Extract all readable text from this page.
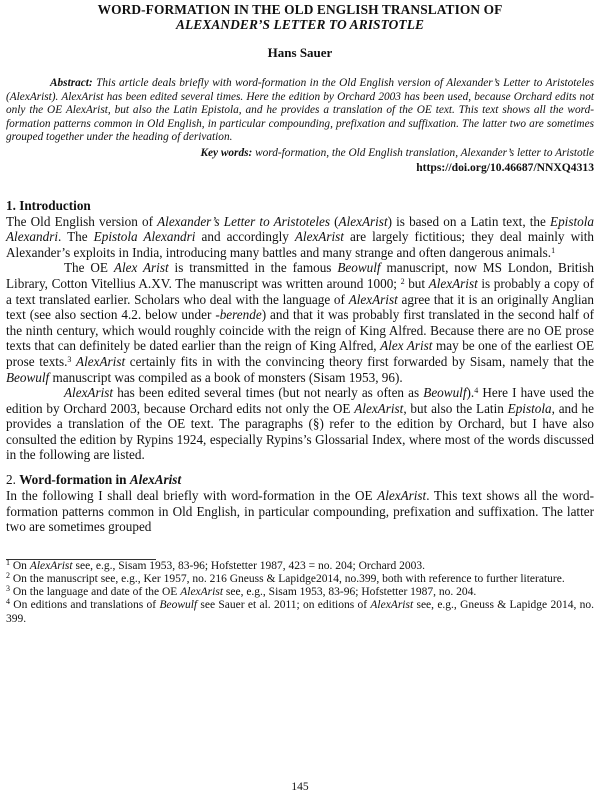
WORD-FORMATION IN THE OLD ENGLISH TRANSLATION OF
ALEXANDER’S LETTER TO ARISTOTLE
Hans Sauer
Abstract: This article deals briefly with word-formation in the Old English version of Alexander’s Letter to Aristoteles (AlexArist). AlexArist has been edited several times. Here the edition by Orchard 2003 has been used, because Orchard edits not only the OE AlexArist, but also the Latin Epistola, and he provides a translation of the OE text. This text shows all the word-formation patterns common in Old English, in particular compounding, prefixation and suffixation. The latter two are sometimes grouped together under the heading of derivation.
Key words: word-formation, the Old English translation, Alexander’s letter to Aristotle
https://doi.org/10.46687/NNXQ4313
1. Introduction

The Old English version of Alexander’s Letter to Aristoteles (AlexArist) is based on a Latin text, the Epistola Alexandri. The Epistola Alexandri and accordingly AlexArist are largely fictitious; they deal mainly with Alexander’s exploits in India, introducing many battles and many strange and often dangerous animals.$^1$

The OE Alex Arist is transmitted in the famous Beowulf manuscript, now MS London, British Library, Cotton Vitellius A.XV. The manuscript was written around 1000; $^2$ but AlexArist is probably a copy of a text translated earlier. Scholars who deal with the language of AlexArist agree that it is an originally Anglian text (see also section 4.2. below under -berende) and that it was probably first translated in the second half of the ninth century, which would roughly coincide with the reign of King Alfred. Because there are no OE prose texts that can definitely be dated earlier than the reign of King Alfred, Alex Arist may be one of the earliest OE prose texts.$^3$ AlexArist certainly fits in with the convincing theory first forwarded by Sisam, namely that the Beowulf manuscript was compiled as a book of monsters (Sisam 1953, 96).

AlexArist has been edited several times (but not nearly as often as Beowulf).$^4$ Here I have used the edition by Orchard 2003, because Orchard edits not only the OE AlexArist, but also the Latin Epistola, and he provides a translation of the OE text. The paragraphs (§) refer to the edition by Orchard, but I have also consulted the edition by Rypins 1924, especially Rypins’s Glossarial Index, where most of the words discussed in the following are listed.

2. Word-formation in AlexArist

In the following I shall deal briefly with word-formation in the OE AlexArist. This text shows all the word-formation patterns common in Old English, in particular compounding, prefixation and suffixation. The latter two are sometimes grouped

$^1$ On AlexArist see, e.g., Sisam 1953, 83-96; Hofstetter 1987, 423 = no. 204; Orchard 2003.

$^2$ On the manuscript see, e.g., Ker 1957, no. 216 Gneuss & Lapidge2014, no.399, both with reference to further literature.

$^3$ On the language and date of the OE AlexArist see, e.g., Sisam 1953, 83-96; Hofstetter 1987, no. 204.

$^4$ On editions and translations of Beowulf see Sauer et al. 2011; on editions of AlexArist see, e.g., Gneuss & Lapidge 2014, no. 399.

145
